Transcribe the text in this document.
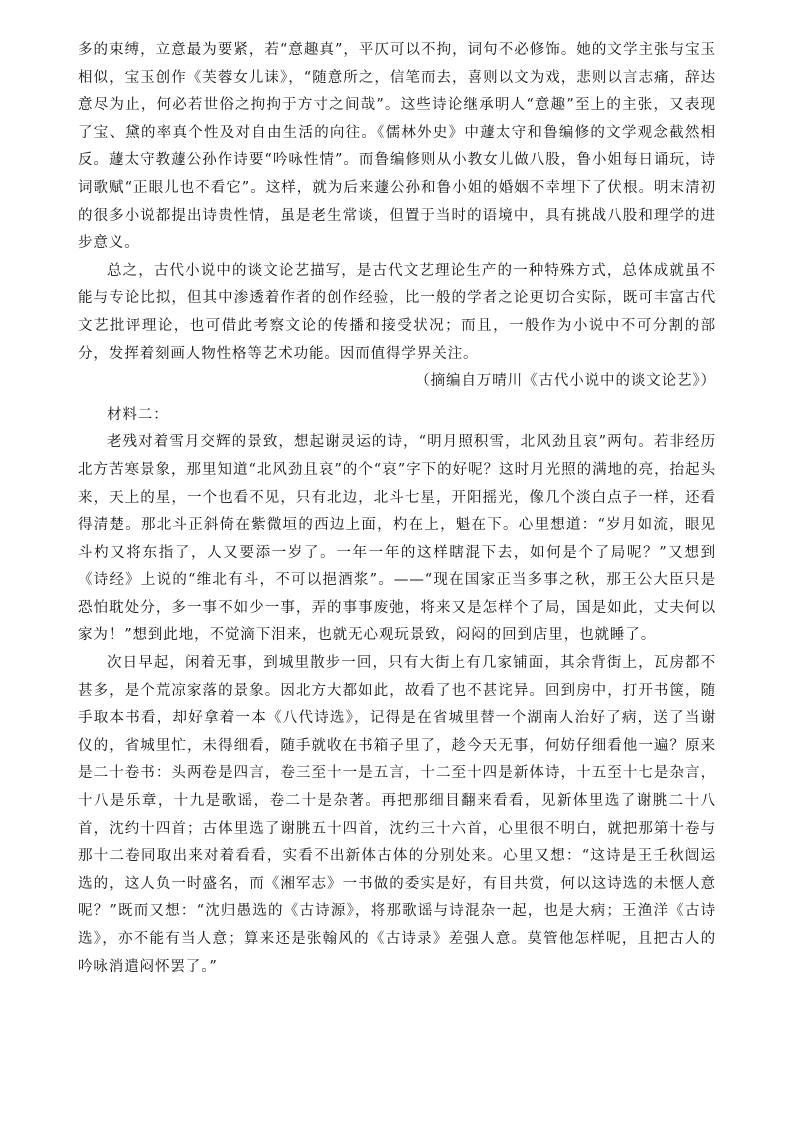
多的束缚，立意最为要紧，若“意趣真”，平仄可以不拘，词句不必修饰。她的文学主张与宝玉相似，宝玉创作《芙蓉女儿诔》，“随意所之，信笔而去，喜则以文为戏，悲则以言志痛，辞达意尽为止，何必若世俗之拘拘于方寸之间哉”。这些诗论继承明人“意趣”至上的主张，又表现了宝、黛的率真个性及对自由生活的向往。《儒林外史》中蘧太守和鲁编修的文学观念截然相反。蘧太守教蘧公孙作诗要“吟咏性情”。而鲁编修则从小教女儿做八股，鲁小姐每日诵玩，诗词歌赋“正眼儿也不看它”。这样，就为后来蘧公孙和鲁小姐的婚姻不幸埋下了伏根。明末清初的很多小说都提出诗贵性情，虽是老生常谈，但置于当时的语境中，具有挑战八股和理学的进步意义。

总之，古代小说中的谈文论艺描写，是古代文艺理论生产的一种特殊方式，总体成就虽不能与专论比拟，但其中渗透着作者的创作经验，比一般的学者之论更切合实际，既可丰富古代文艺批评理论，也可借此考察文论的传播和接受状况；而且，一般作为小说中不可分割的部分，发挥着刻画人物性格等艺术功能。因而值得学界关注。

（摘编自万晴川《古代小说中的谈文论艺》）

材料二：

老残对着雪月交辉的景致，想起谢灵运的诗，“明月照积雪，北风劲且哀”两句。若非经历北方苦寒景象，那里知道“北风劲且哀”的个“哀”字下的好呢？这时月光照的满地的亮，抬起头来，天上的星，一个也看不见，只有北边，北斗七星，开阳摇光，像几个淡白点子一样，还看得清楚。那北斗正斜倚在紫微垣的西边上面，杓在上，魁在下。心里想道：“岁月如流，眼见斗杓又将东指了，人又要添一岁了。一年一年的这样瞎混下去，如何是个了局呢？”又想到《诗经》上说的“维北有斗，不可以挹酒浆”。——“现在国家正当多事之秋，那王公大臣只是恐怕耽处分，多一事不如少一事，弄的事事废弛，将来又是怎样个了局，国是如此，丈夫何以家为！”想到此地，不觉滴下泪来，也就无心观玩景致，闷闷的回到店里，也就睡了。

次日早起，闲着无事，到城里散步一回，只有大街上有几家铺面，其余背街上，瓦房都不甚多，是个荒凉家落的景象。因北方大都如此，故看了也不甚诧异。回到房中，打开书箧，随手取本书看，却好拿着一本《八代诗选》，记得是在省城里替一个湖南人治好了病，送了当谢仪的，省城里忙，未得细看，随手就收在书箱子里了，趁今天无事，何妨仔细看他一遍？原来是二十卷书：头两卷是四言，卷三至十一是五言，十二至十四是新体诗，十五至十七是杂言，十八是乐章，十九是歌谣，卷二十是杂著。再把那细目翻来看看，见新体里选了谢朓二十八首，沈约十四首；古体里选了谢朓五十四首，沈约三十六首，心里很不明白，就把那第十卷与那十二卷同取出来对着看看，实看不出新体古体的分别处来。心里又想：“这诗是王壬秋闿运选的，这人负一时盛名，而《湘军志》一书做的委实是好，有目共赏，何以这诗选的未惬人意呢？”既而又想：“沈归愚选的《古诗源》，将那歌谣与诗混杂一起，也是大病；王渔洋《古诗选》，亦不能有当人意；算来还是张翰风的《古诗录》差强人意。莫管他怎样呢，且把古人的吟咏消遣闷怀罢了。”
